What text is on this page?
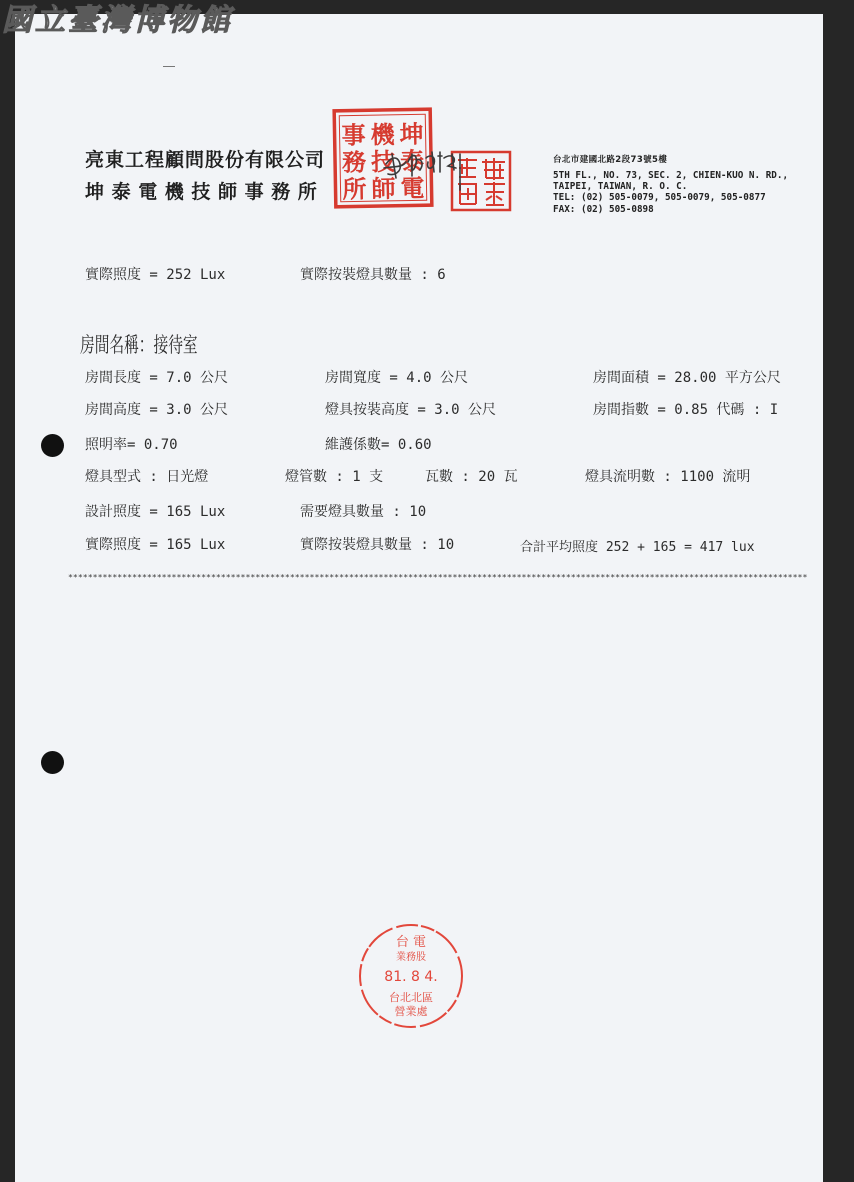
國立臺灣博物館
亮東工程顧問股份有限公司
坤泰電機技師事務所
台北市建國北路2段73號5樓
5TH FL., NO. 73, SEC. 2, CHIEN-KUO N. RD.,
TAIPEI, TAIWAN, R. O. C.
TEL: (02) 505-0079, 505-0079, 505-0877
FAX: (02) 505-0898
坤
泰
電
機
技
師
事
務
所
實際照度 = 252 Lux	實際按裝燈具數量 : 6
房間名稱：接待室
房間長度 = 7.0 公尺	房間寬度 = 4.0 公尺	房間面積 = 28.00 平方公尺
房間高度 = 3.0 公尺	燈具按裝高度 = 3.0 公尺	房間指數 = 0.85 代碼 : I
照明率= 0.70	維護係數= 0.60
燈具型式 : 日光燈	燈管數 : 1 支	瓦數 : 20 瓦	燈具流明數 : 1100 流明
設計照度 = 165 Lux	需要燈具數量 : 10
實際照度 = 165 Lux	實際按裝燈具數量 : 10	合計平均照度 252 + 165 = 417 lux
******************************************************************************************************************************************************
台 電
業務股
81. 8 4.
台北北區
營業處
